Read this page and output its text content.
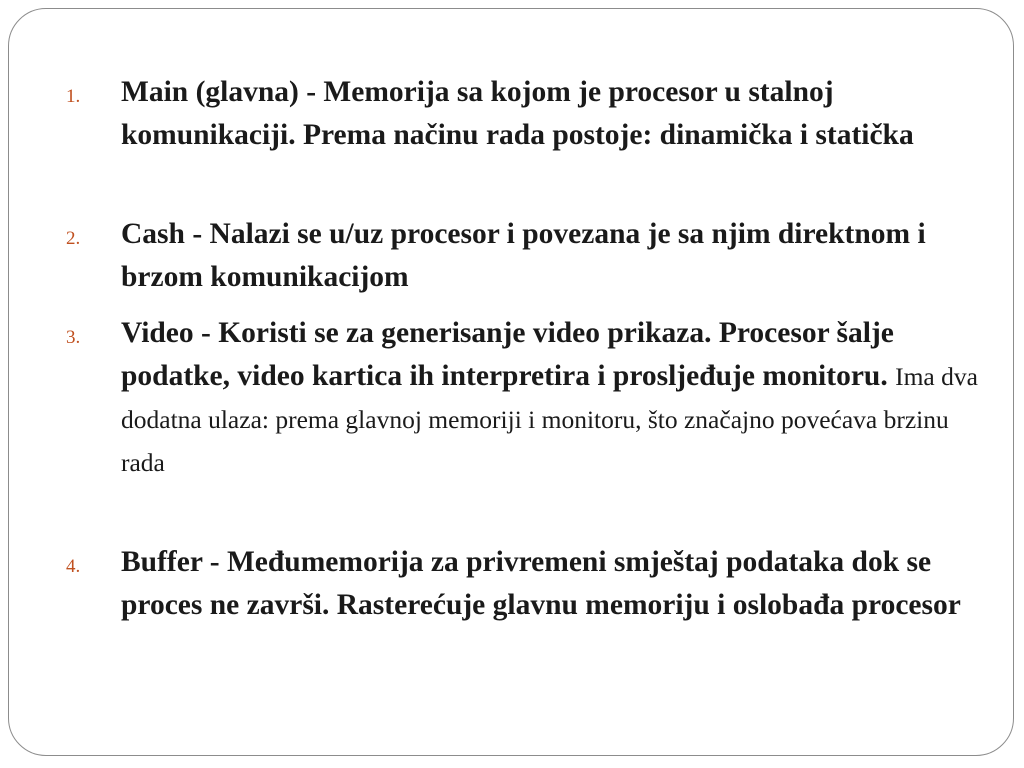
1. Main (glavna) - Memorija sa kojom je procesor u stalnoj komunikaciji. Prema načinu rada postoje: dinamička i statička
2. Cash - Nalazi se u/uz procesor i povezana je sa njim direktnom i brzom komunikacijom
3. Video - Koristi se za generisanje video prikaza. Procesor šalje podatke, video kartica ih interpretira i prosljeđuje monitoru. Ima dva dodatna ulaza: prema glavnoj memoriji i monitoru, što značajno povećava brzinu rada
4. Buffer - Međumemorija za privremeni smještaj podataka dok se proces ne završi. Rasterećuje glavnu memoriju i oslobađa procesor
